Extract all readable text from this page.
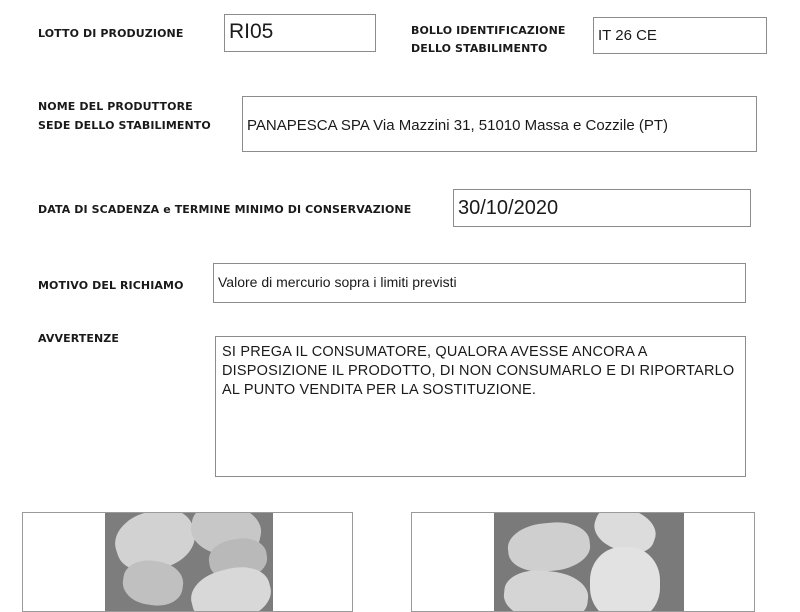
LOTTO DI PRODUZIONE RI05	BOLLO IDENTIFICAZIONE
DELLO STABILIMENTO
IT 26 CE
NOME DEL PRODUTTORE
SEDE DELLO STABILIMENTO PANAPESCA SPA Via Mazzini 31, 51010 Massa e Cozzile (PT)
DATA DI SCADENZA e TERMINE MINIMO DI CONSERVAZIONE 30/10/2020
MOTIVO DEL RICHIAMO Valore di mercurio sopra i limiti previsti
AVVERTENZE
SI PREGA IL CONSUMATORE, QUALORA AVESSE ANCORA A DISPOSIZIONE IL PRODOTTO, DI NON CONSUMARLO E DI RIPORTARLO AL PUNTO VENDITA PER LA SOSTITUZIONE.
